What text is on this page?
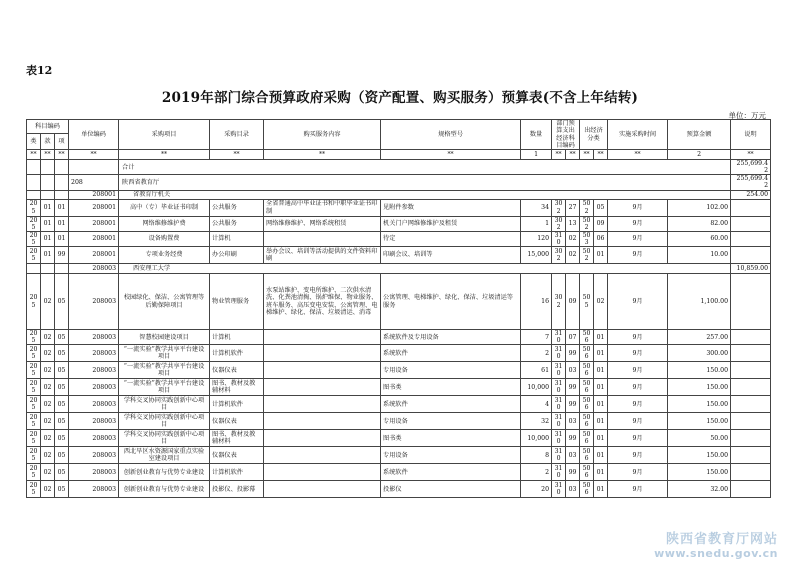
表12
2019年部门综合预算政府采购（资产配置、购买服务）预算表(不含上年结转)
单位：万元
科目编码			单位编码	采购项目	采购目录	购买服务内容	规格型号	数量	部门预算支出经济科目编码		出经济分类		实施采购时间	预算金额	说明	
类	款	项														
**	**	**	**	**	**	**	**	1	**	**	**	**	**	2	**	
				合计											255,699.42	
			208	陕西省教育厅											255,699.42	
			208001	省教育厅机关											254.00	
205	01	01	208001	高中（专）毕业证书印制	公共服务	全省普通高中毕业证书和中职毕业证书印制	见附件参数	34	302	27	502	05	9月	102.00		
205	01	01	208001	网络维修维护费	公共服务	网络维修维护、网络系统租赁	机关门户网维修维护及租赁	1	302	13	502	09	9月	82.00		
205	01	01	208001	设备购置费	计算机		待定	120	310	02	503	06	9月	60.00		
205	01	99	208001	专项业务经费	办公印刷	举办会议、培训等活动提供的文件资料印刷	印刷会议、培训等	15,000	302	02	502	01	9月	10.00		
			208003	西安理工大学											10,859.00	
205	02	05	208003	校园绿化、保洁、公寓管理等后勤保障项目	物业管理服务	水泵站维护、变电所维护、二次供水清洗、化粪池清掏、锅炉维保、物业服务、班车服务、高压变电安装、公寓管理、电梯维护、绿化、保洁、垃圾清运、消毒	公寓管理、电梯维护、绿化、保洁、垃圾清运等服务	16	302	09	505	02	9月	1,100.00		
205	02	05	208003	智慧校园建设项目	计算机		系统软件及专用设备	7	310	07	506	01	9月	257.00		
205	02	05	208003	“一流实验”教学共享平台建设项目	计算机软件		系统软件	2	310	99	506	01	9月	300.00		
205	02	05	208003	“一流实验”教学共享平台建设项目	仪器仪表		专用设备	61	310	03	506	01	9月	150.00		
205	02	05	208003	“一流实验”教学共享平台建设项目	图书、教材及教辅材料		图书类	10,000	310	99	506	01	9月	150.00		
205	02	05	208003	学科交叉协同实践创新中心项目	计算机软件		系统软件	4	310	99	506	01	9月	150.00		
205	02	05	208003	学科交叉协同实践创新中心项目	仪器仪表		专用设备	32	310	03	506	01	9月	150.00		
205	02	05	208003	学科交叉协同实践创新中心项目	图书、教材及教辅材料		图书类	10,000	310	99	506	01	9月	50.00		
205	02	05	208003	西北旱区水资源国家重点实验室建设项目	仪器仪表		专用设备	8	310	03	506	01	9月	150.00		
205	02	05	208003	创新创业教育与优势专业建设	计算机软件		系统软件	2	310	99	506	01	9月	150.00		
205	02	05	208003	创新创业教育与优势专业建设	投影仪、投影幕		投影仪	20	310	03	506	01	9月	32.00		
陕西省教育厅网站
www.snedu.gov.cn
